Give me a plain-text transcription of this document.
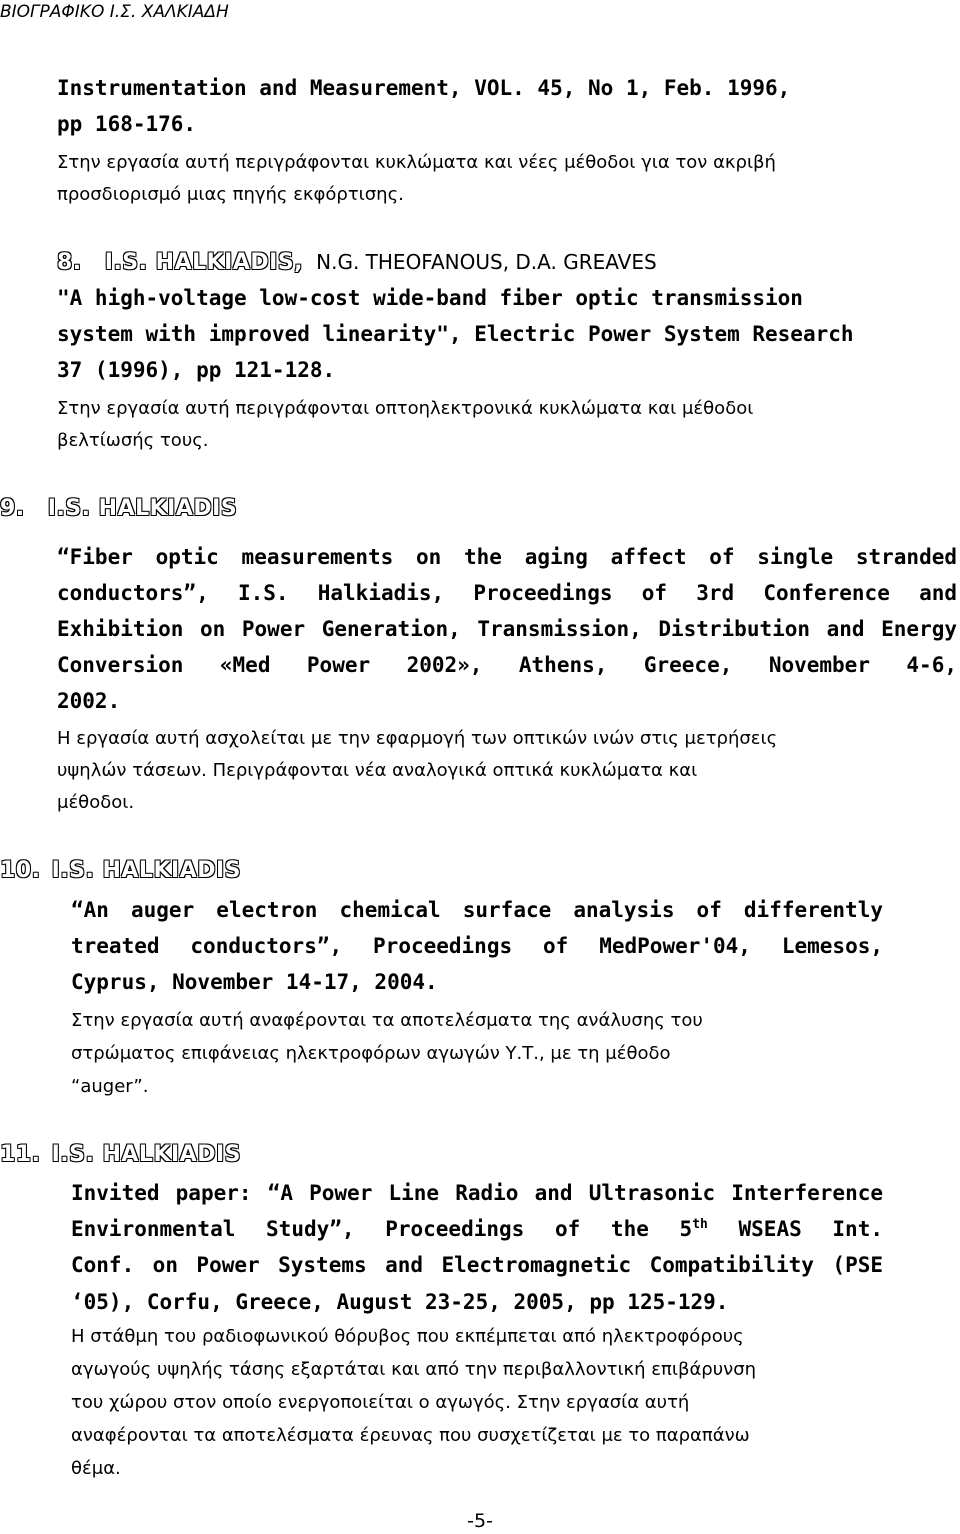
ΒΙΟΓΡΑΦΙΚΟ Ι.Σ. ΧΑΛΚΙΑΔΗ
Instrumentation and Measurement, VOL. 45, No 1, Feb. 1996,
pp 168-176.
Στην εργασία αυτή περιγράφονται κυκλώματα και νέες μέθοδοι για τον ακριβή
προσδιορισμό μιας πηγής εκφόρτισης.
8. I.S. HALKIADIS, N.G. THEOFANOUS, D.A. GREAVES
"A high-voltage low-cost wide-band fiber optic transmission
system with improved linearity", Electric Power System Research
37 (1996), pp 121-128.
Στην εργασία αυτή περιγράφονται οπτοηλεκτρονικά κυκλώματα και μέθοδοι
βελτίωσής τους.
9. I.S. HALKIADIS
“Fiber optic measurements on the aging affect of single stranded
conductors”, I.S. Halkiadis, Proceedings of 3rd Conference and
Exhibition on Power Generation, Transmission, Distribution and Energy
Conversion «Med Power 2002», Athens, Greece, November 4-6,
2002.
Η εργασία αυτή ασχολείται με την εφαρμογή των οπτικών ινών στις μετρήσεις
υψηλών τάσεων. Περιγράφονται νέα αναλογικά οπτικά κυκλώματα και
μέθοδοι.
10. I.S. HALKIADIS
“An auger electron chemical surface analysis of differently
treated conductors”, Proceedings of MedPower'04, Lemesos,
Cyprus, November 14-17, 2004.
Στην εργασία αυτή αναφέρονται τα αποτελέσματα της ανάλυσης του
στρώματος επιφάνειας ηλεκτροφόρων αγωγών Υ.Τ., με τη μέθοδο
“auger”.
11. I.S. HALKIADIS
Invited paper: “A Power Line Radio and Ultrasonic Interference
Environmental Study”, Proceedings of the 5th WSEAS Int.
Conf. on Power Systems and Electromagnetic Compatibility (PSE
‘05), Corfu, Greece, August 23-25, 2005, pp 125-129.
Η στάθμη του ραδιοφωνικού θόρυβος που εκπέμπεται από ηλεκτροφόρους
αγωγούς υψηλής τάσης εξαρτάται και από την περιβαλλοντική επιβάρυνση
του χώρου στον οποίο ενεργοποιείται ο αγωγός. Στην εργασία αυτή
αναφέρονται τα αποτελέσματα έρευνας που συσχετίζεται με το παραπάνω
θέμα.
-5-
